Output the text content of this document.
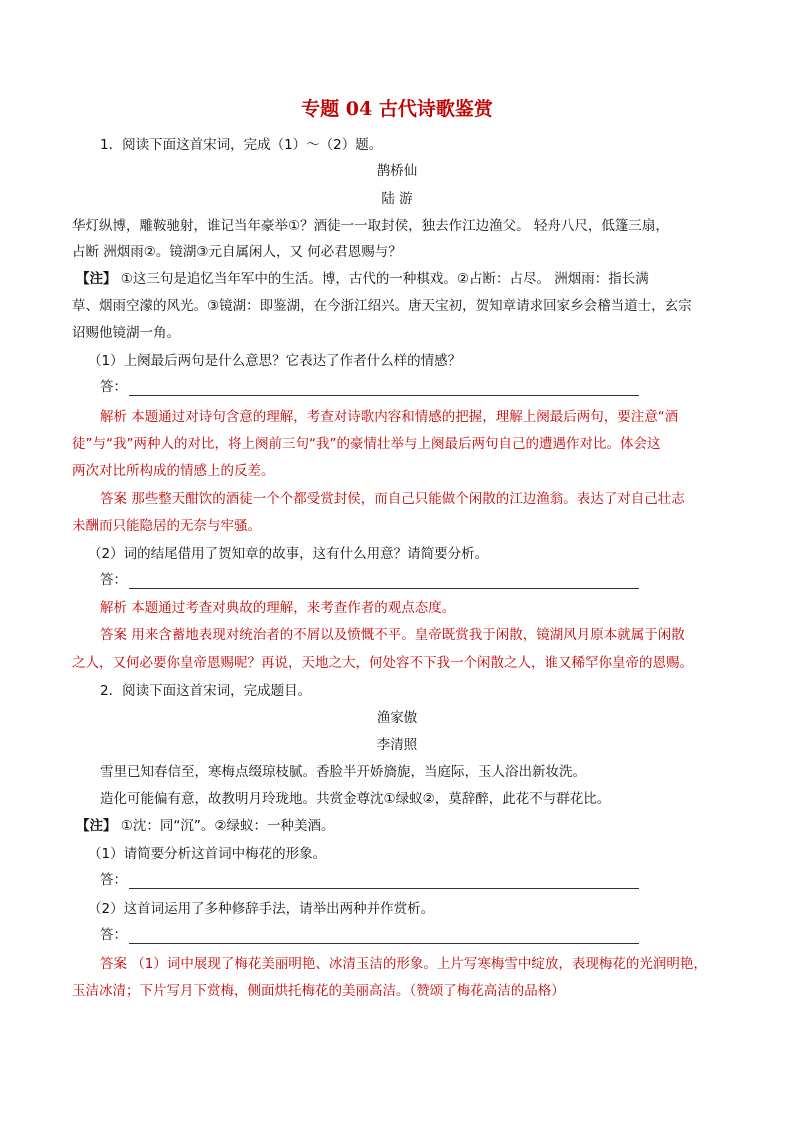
专题 04 古代诗歌鉴赏
1．阅读下面这首宋词，完成（1）～（2）题。
鹊桥仙
陆 游
华灯纵博，雕鞍驰射，谁记当年豪举①？酒徒一一取封侯，独去作江边渔父。 轻舟八尺，低篷三扇，
占断 洲烟雨②。镜湖③元自属闲人，又 何必君恩赐与？
【注】 ①这三句是追忆当年军中的生活。博，古代的一种棋戏。②占断：占尽。 洲烟雨：指长满
草、烟雨空濛的风光。③镜湖：即鉴湖，在今浙江绍兴。唐天宝初，贺知章请求回家乡会稽当道士，玄宗
诏赐他镜湖一角。
（1）上阕最后两句是什么意思？它表达了作者什么样的情感？
答：
解析 本题通过对诗句含意的理解，考查对诗歌内容和情感的把握，理解上阕最后两句，要注意“酒
徒”与“我”两种人的对比，将上阕前三句“我”的豪情壮举与上阕最后两句自己的遭遇作对比。体会这
两次对比所构成的情感上的反差。
答案 那些整天酣饮的酒徒一个个都受赏封侯，而自己只能做个闲散的江边渔翁。表达了对自己壮志
未酬而只能隐居的无奈与牢骚。
（2）词的结尾借用了贺知章的故事，这有什么用意？请简要分析。
答：
解析 本题通过考查对典故的理解，来考查作者的观点态度。
答案 用来含蓄地表现对统治者的不屑以及愤慨不平。皇帝既赏我于闲散，镜湖风月原本就属于闲散
之人，又何必要你皇帝恩赐呢？再说，天地之大，何处容不下我一个闲散之人，谁又稀罕你皇帝的恩赐。
2．阅读下面这首宋词，完成题目。
渔家傲
李清照
雪里已知春信至，寒梅点缀琼枝腻。香脸半开娇旖旎，当庭际，玉人浴出新妆洗。
造化可能偏有意，故教明月玲珑地。共赏金尊沈①绿蚁②，莫辞醉，此花不与群花比。
【注】 ①沈：同“沉”。②绿蚁：一种美酒。
（1）请简要分析这首词中梅花的形象。
答：
（2）这首词运用了多种修辞手法，请举出两种并作赏析。
答：
答案 （1）词中展现了梅花美丽明艳、冰清玉洁的形象。上片写寒梅雪中绽放，表现梅花的光润明艳，
玉洁冰清；下片写月下赏梅，侧面烘托梅花的美丽高洁。（赞颂了梅花高洁的品格）
